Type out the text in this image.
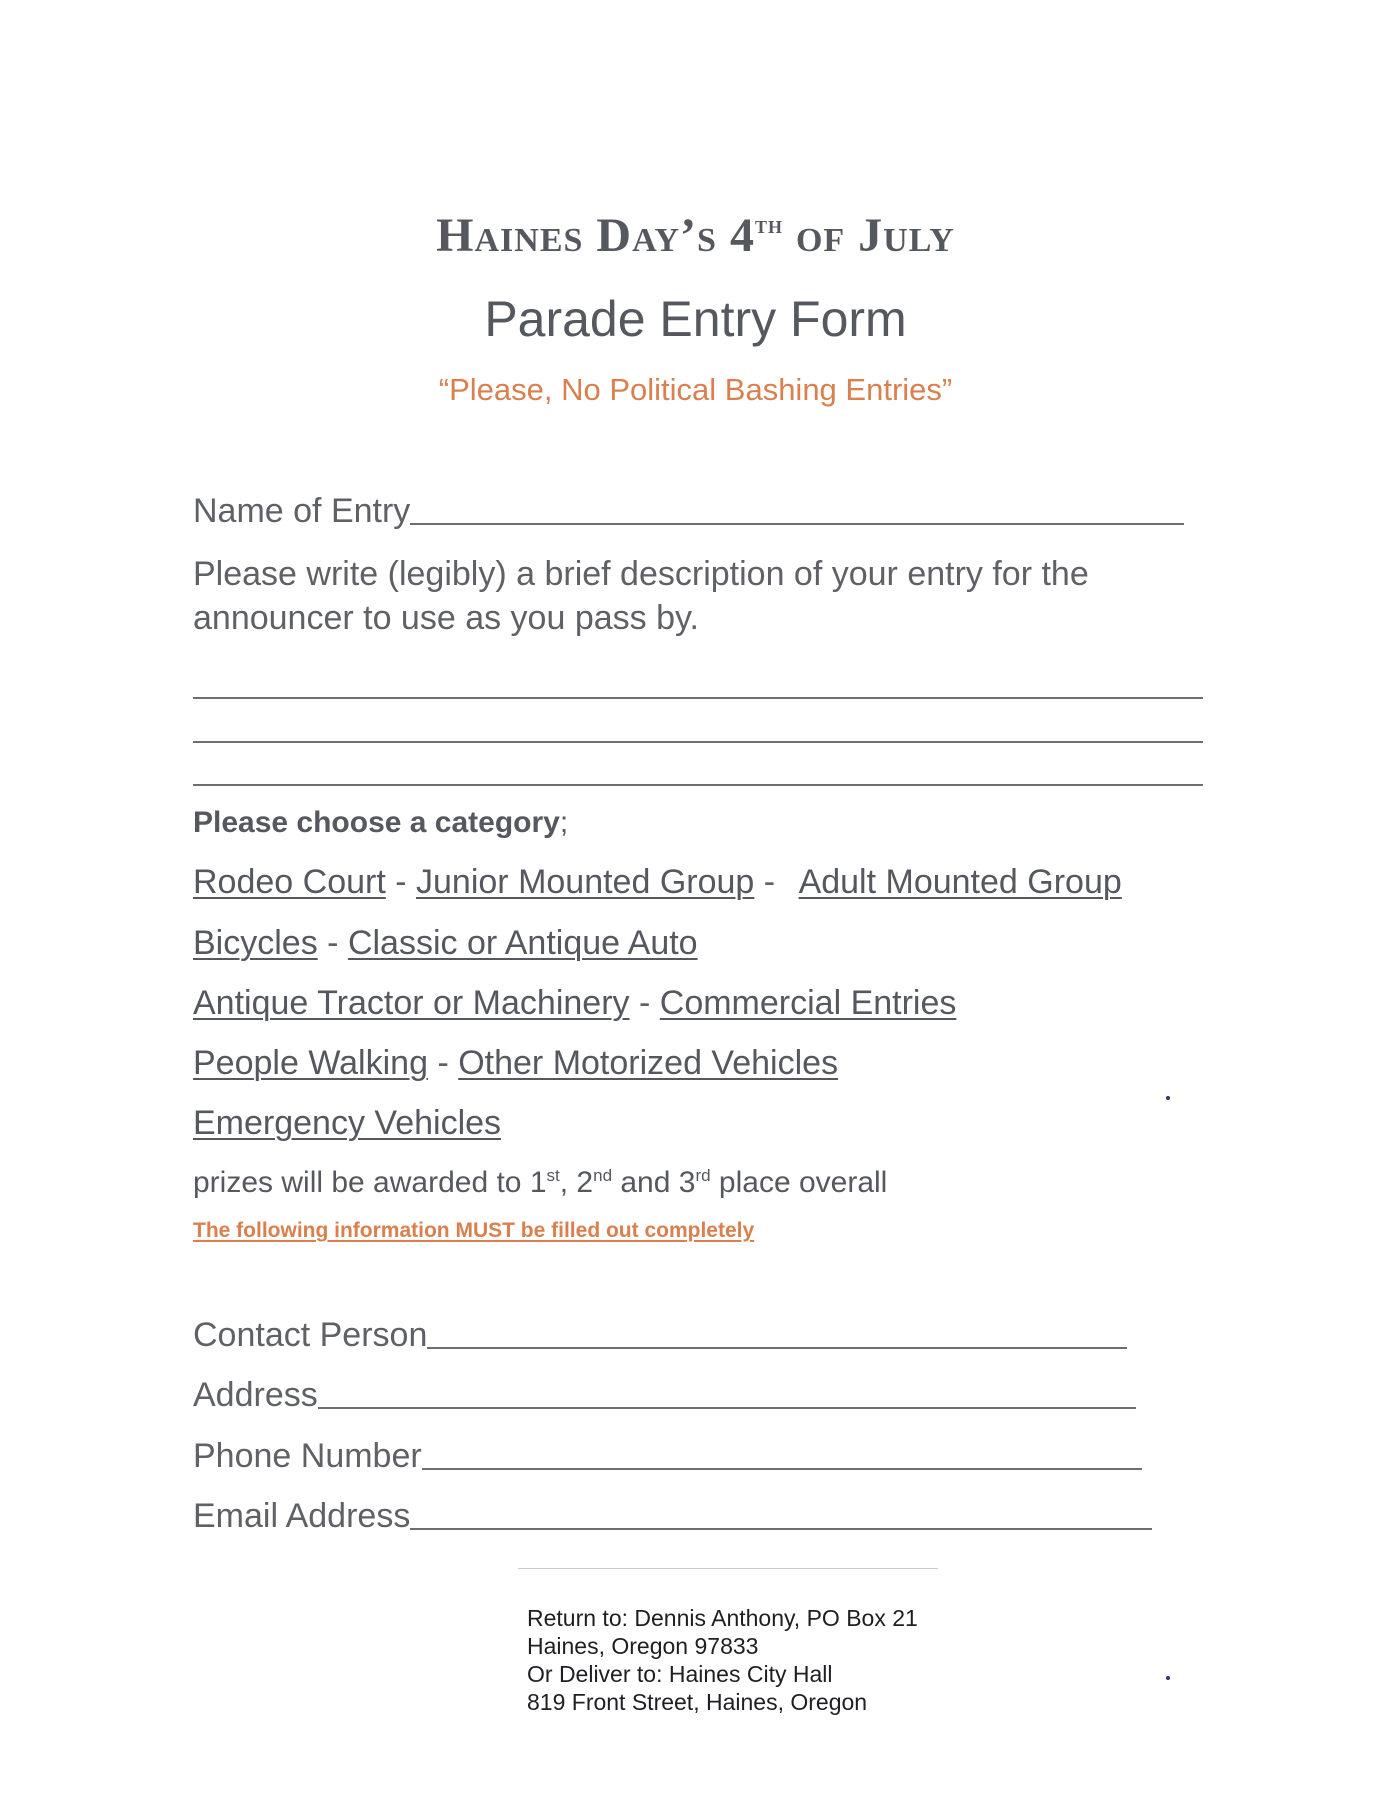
Haines Day’s 4th of July
Parade Entry Form
“Please, No Political Bashing Entries”
Name of Entry
Please write (legibly) a brief description of your entry for the
announcer to use as you pass by.
Please choose a category;
Rodeo Court - Junior Mounted Group - Adult Mounted Group
Bicycles - Classic or Antique Auto
Antique Tractor or Machinery - Commercial Entries
People Walking - Other Motorized Vehicles
Emergency Vehicles
prizes will be awarded to 1st, 2nd and 3rd place overall
The following information MUST be filled out completely
Contact Person
Address
Phone Number
Email Address
Return to: Dennis Anthony, PO Box 21
Haines, Oregon 97833
Or Deliver to: Haines City Hall
819 Front Street, Haines, Oregon
